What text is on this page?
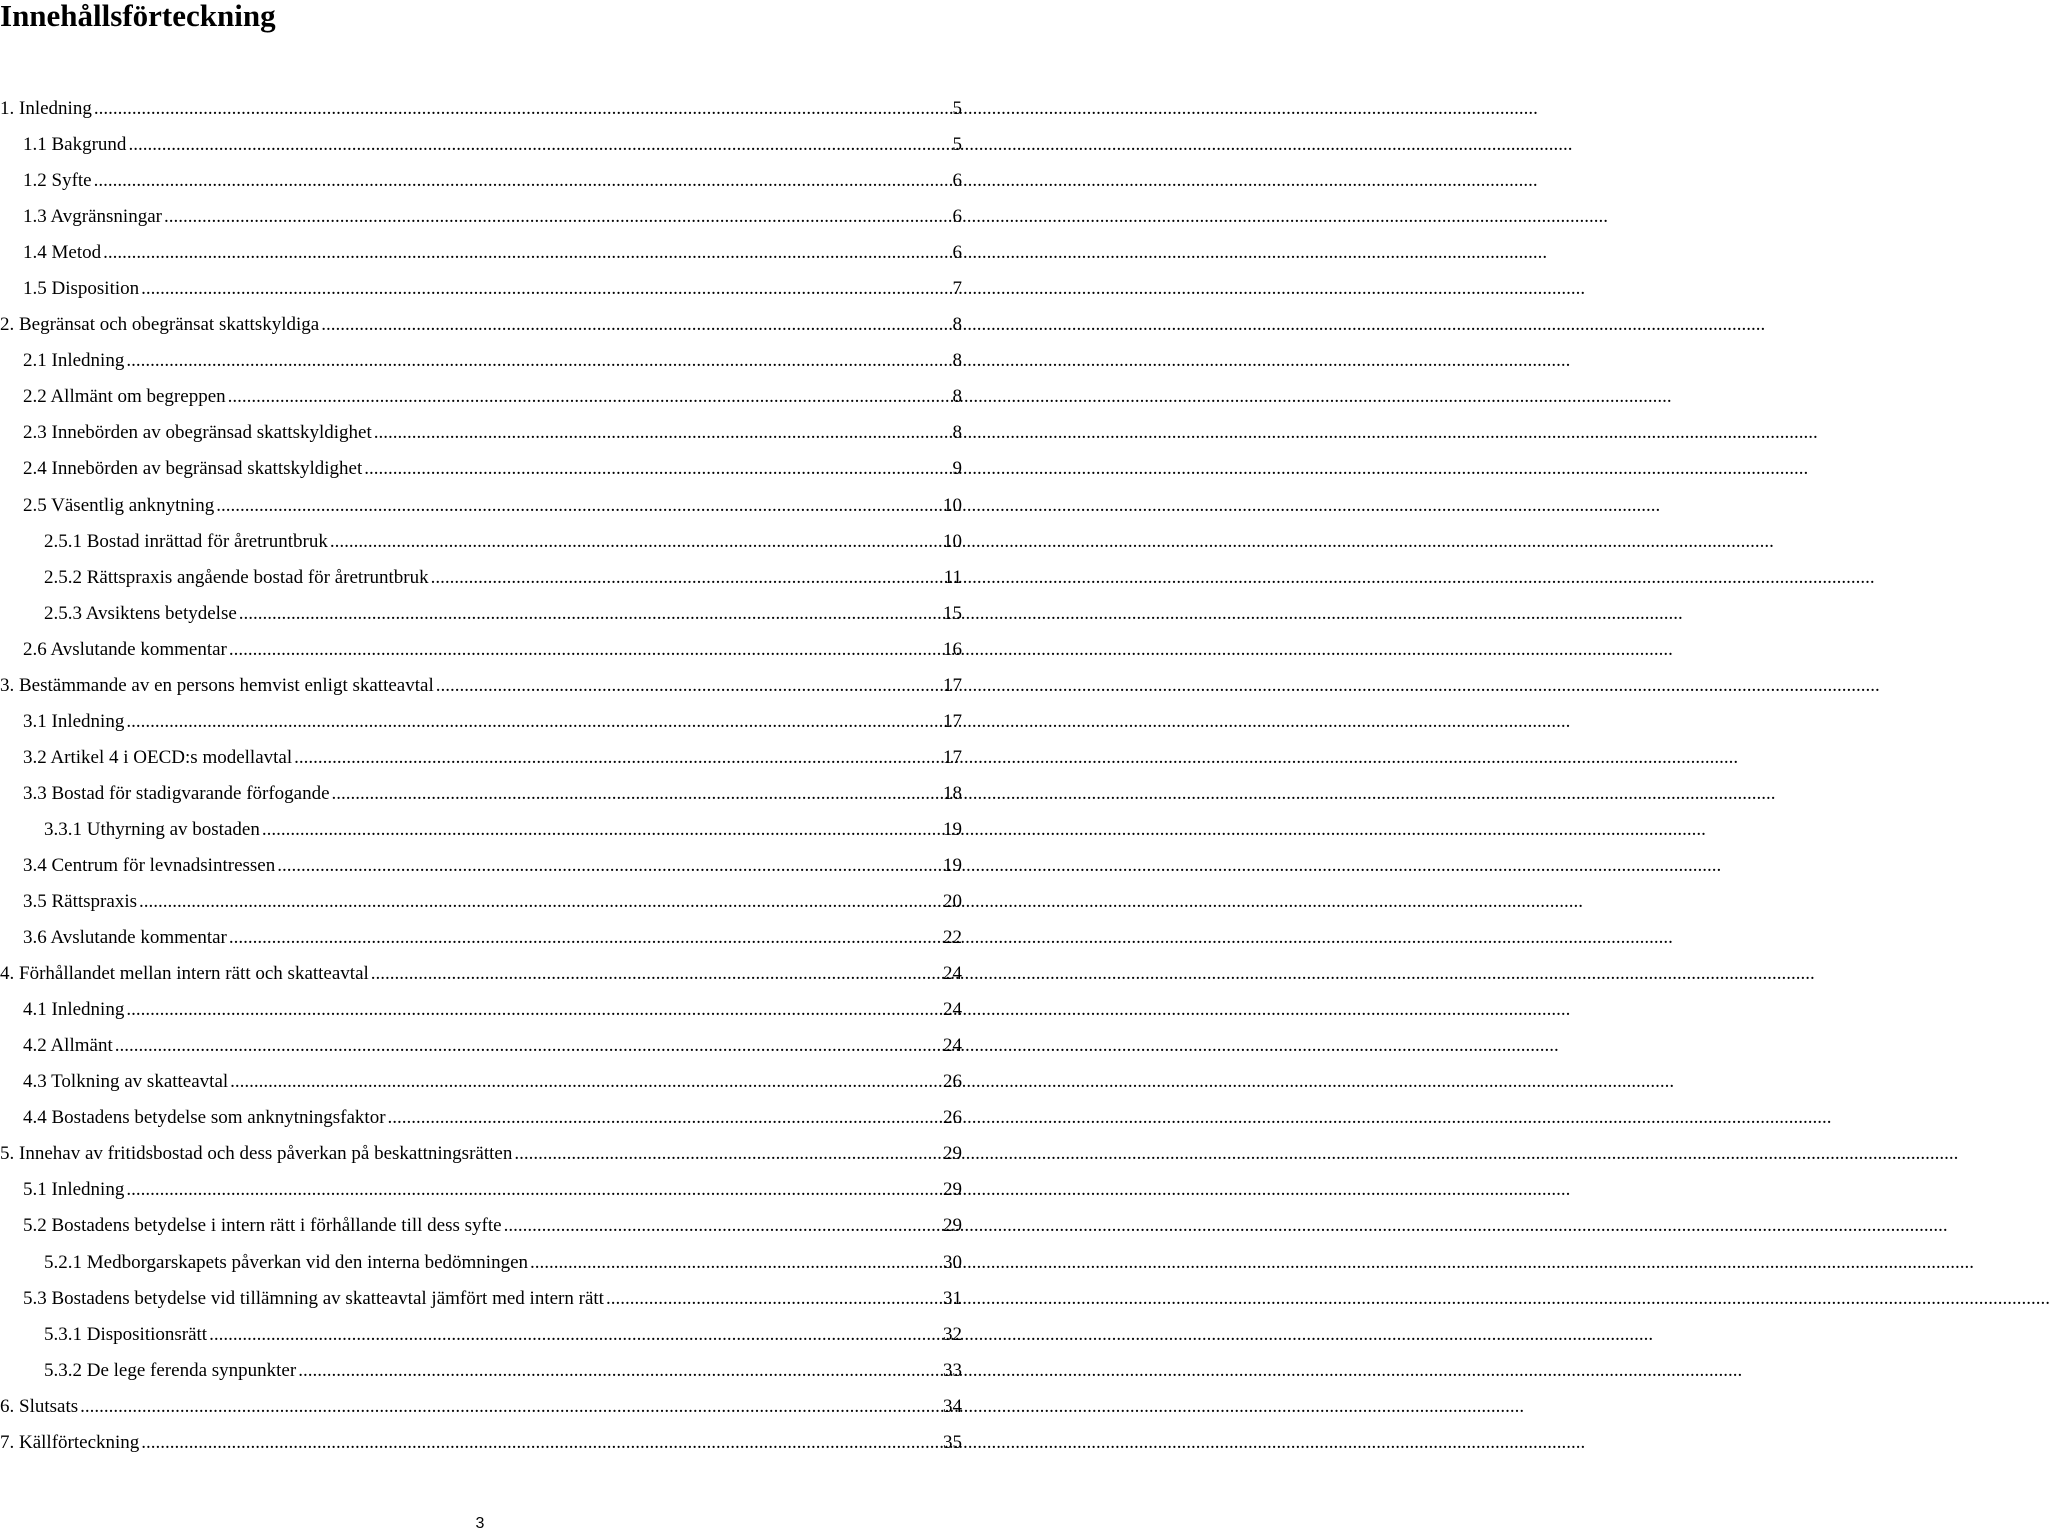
Innehållsförteckning
1. Inledning .....	5
1.1 Bakgrund .....	5
1.2 Syfte .....	6
1.3 Avgränsningar .....	6
1.4 Metod .....	6
1.5 Disposition .....	7
2. Begränsat och obegränsat skattskyldiga .....	8
2.1 Inledning .....	8
2.2 Allmänt om begreppen .....	8
2.3 Innebörden av obegränsad skattskyldighet .....	8
2.4 Innebörden av begränsad skattskyldighet .....	9
2.5 Väsentlig anknytning .....	10
2.5.1 Bostad inrättad för åretruntbruk .....	10
2.5.2 Rättspraxis angående bostad för åretruntbruk .....	11
2.5.3 Avsiktens betydelse .....	15
2.6 Avslutande kommentar .....	16
3. Bestämmande av en persons hemvist enligt skatteavtal .....	17
3.1 Inledning .....	17
3.2 Artikel 4 i OECD:s modellavtal .....	17
3.3 Bostad för stadigvarande förfogande .....	18
3.3.1 Uthyrning av bostaden .....	19
3.4 Centrum för levnadsintressen .....	19
3.5 Rättspraxis .....	20
3.6 Avslutande kommentar .....	22
4. Förhållandet mellan intern rätt och skatteavtal .....	24
4.1 Inledning .....	24
4.2 Allmänt .....	24
4.3 Tolkning av skatteavtal .....	26
4.4 Bostadens betydelse som anknytningsfaktor .....	26
5. Innehav av fritidsbostad och dess påverkan på beskattningsrätten .....	29
5.1 Inledning .....	29
5.2 Bostadens betydelse i intern rätt i förhållande till dess syfte .....	29
5.2.1 Medborgarskapets påverkan vid den interna bedömningen .....	30
5.3 Bostadens betydelse vid tillämning av skatteavtal jämfört med intern rätt .....	31
5.3.1 Dispositionsrätt .....	32
5.3.2 De lege ferenda synpunkter .....	33
6. Slutsats .....	34
7. Källförteckning .....	35
3
